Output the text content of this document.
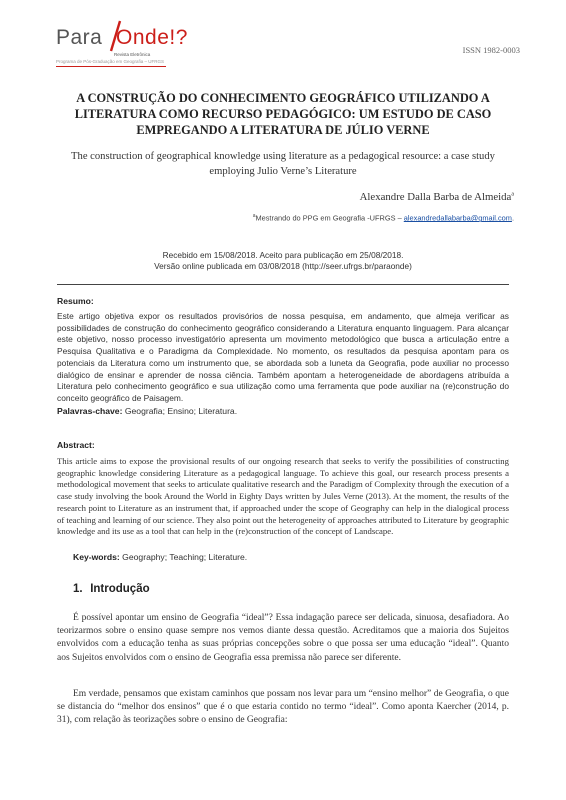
Para Onde!?
Revista Eletrônica
Programa de Pós-Graduação em Geografia – UFRGS
ISSN 1982-0003
A CONSTRUÇÃO DO CONHECIMENTO GEOGRÁFICO UTILIZANDO A LITERATURA COMO RECURSO PEDAGÓGICO: UM ESTUDO DE CASO EMPREGANDO A LITERATURA DE JÚLIO VERNE
The construction of geographical knowledge using literature as a pedagogical resource: a case study employing Julio Verne’s Literature
Alexandre Dalla Barba de Almeida$^a$
$^a$Mestrando do PPG em Geografia -UFRGS – alexandredallabarba@gmail.com.
Recebido em 15/08/2018. Aceito para publicação em 25/08/2018.
Versão online publicada em 03/08/2018 (http://seer.ufrgs.br/paraonde)
Resumo:
Este artigo objetiva expor os resultados provisórios de nossa pesquisa, em andamento, que almeja verificar as possibilidades de construção do conhecimento geográfico considerando a Literatura enquanto linguagem. Para alcançar este objetivo, nosso processo investigatório apresenta um movimento metodológico que busca a articulação entre a Pesquisa Qualitativa e o Paradigma da Complexidade. No momento, os resultados da pesquisa apontam para os potenciais da Literatura como um instrumento que, se abordada sob a luneta da Geografia, pode auxiliar no processo dialógico de ensinar e aprender de nossa ciência. Também apontam a heterogeneidade de abordagens atribuída a Literatura pelo conhecimento geográfico e sua utilização como uma ferramenta que pode auxiliar na (re)construção do conceito geográfico de Paisagem.
Palavras-chave: Geografia; Ensino; Literatura.
Abstract:
This article aims to expose the provisional results of our ongoing research that seeks to verify the possibilities of constructing geographic knowledge considering Literature as a pedagogical language. To achieve this goal, our research process presents a methodological movement that seeks to articulate qualitative research and the Paradigm of Complexity through the execution of a case study involving the book Around the World in Eighty Days written by Jules Verne (2013). At the moment, the results of the research point to Literature as an instrument that, if approached under the scope of Geography can help in the dialogical process of teaching and learning of our science. They also point out the heterogeneity of approaches attributed to Literature by geographic knowledge and its use as a tool that can help in the (re)construction of the concept of Landscape.
Key-words: Geography; Teaching; Literature.
1. Introdução
É possível apontar um ensino de Geografia “ideal”? Essa indagação parece ser delicada, sinuosa, desafiadora. Ao teorizarmos sobre o ensino quase sempre nos vemos diante dessa questão. Acreditamos que a maioria dos Sujeitos envolvidos com a educação tenha as suas próprias concepções sobre o que possa ser uma educação “ideal”. Quanto aos Sujeitos envolvidos com o ensino de Geografia essa premissa não parece ser diferente.
Em verdade, pensamos que existam caminhos que possam nos levar para um “ensino melhor” de Geografia, o que se distancia do “melhor dos ensinos” que é o que estaria contido no termo “ideal”. Como aponta Kaercher (2014, p. 31), com relação às teorizações sobre o ensino de Geografia:
